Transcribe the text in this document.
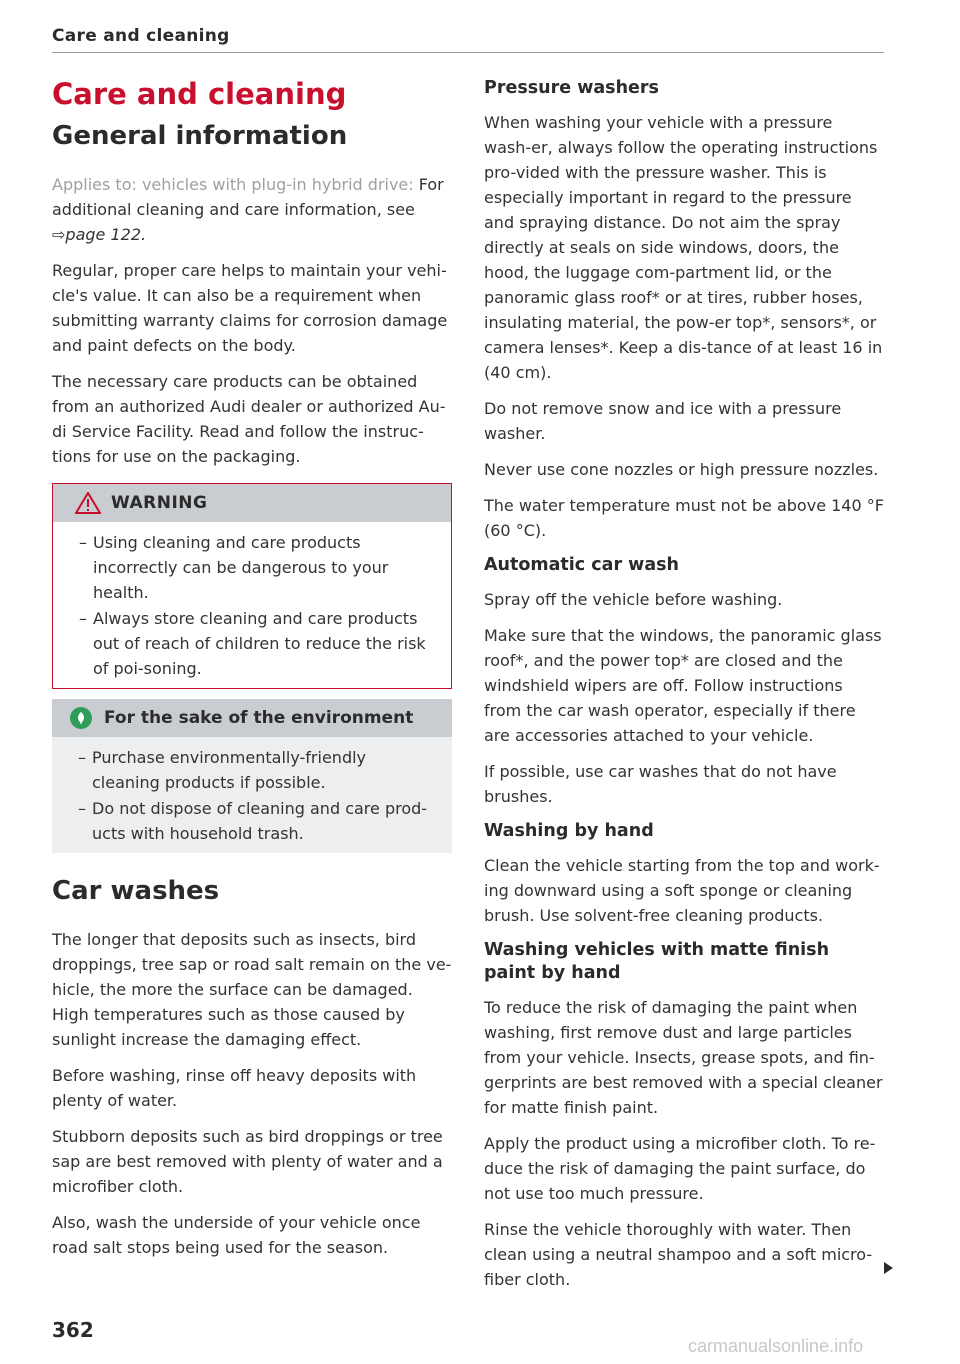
Care and cleaning
Care and cleaning
General information

Applies to: vehicles with plug-in hybrid drive: For additional cleaning and care information, see ⇨page 122.

Regular, proper care helps to maintain your vehi-cle's value. It can also be a requirement when submitting warranty claims for corrosion damage and paint defects on the body.

The necessary care products can be obtained from an authorized Audi dealer or authorized Au-di Service Facility. Read and follow the instruc-tions for use on the packaging.

WARNING
– Using cleaning and care products incorrectly can be dangerous to your health.
– Always store cleaning and care products out of reach of children to reduce the risk of poi-soning.
For the sake of the environment
– Purchase environmentally-friendly cleaning products if possible.
– Do not dispose of cleaning and care prod-ucts with household trash.
Car washes

The longer that deposits such as insects, bird droppings, tree sap or road salt remain on the ve-hicle, the more the surface can be damaged. High temperatures such as those caused by sunlight increase the damaging effect.

Before washing, rinse off heavy deposits with plenty of water.

Stubborn deposits such as bird droppings or tree sap are best removed with plenty of water and a microfiber cloth.

Also, wash the underside of your vehicle once road salt stops being used for the season.

Pressure washers

When washing your vehicle with a pressure wash-er, always follow the operating instructions pro-vided with the pressure washer. This is especially important in regard to the pressure and spraying distance. Do not aim the spray directly at seals on side windows, doors, the hood, the luggage com-partment lid, or the panoramic glass roof* or at tires, rubber hoses, insulating material, the pow-er top*, sensors*, or camera lenses*. Keep a dis-tance of at least 16 in (40 cm).

Do not remove snow and ice with a pressure washer.

Never use cone nozzles or high pressure nozzles.

The water temperature must not be above 140 °F (60 °C).

Automatic car wash

Spray off the vehicle before washing.

Make sure that the windows, the panoramic glass roof*, and the power top* are closed and the windshield wipers are off. Follow instructions from the car wash operator, especially if there are accessories attached to your vehicle.

If possible, use car washes that do not have brushes.

Washing by hand

Clean the vehicle starting from the top and work-ing downward using a soft sponge or cleaning brush. Use solvent-free cleaning products.

Washing vehicles with matte finish paint by hand

To reduce the risk of damaging the paint when washing, first remove dust and large particles from your vehicle. Insects, grease spots, and fin-gerprints are best removed with a special cleaner for matte finish paint.

Apply the product using a microfiber cloth. To re-duce the risk of damaging the paint surface, do not use too much pressure.

Rinse the vehicle thoroughly with water. Then clean using a neutral shampoo and a soft micro-fiber cloth.

362
carmanualsonline.info
